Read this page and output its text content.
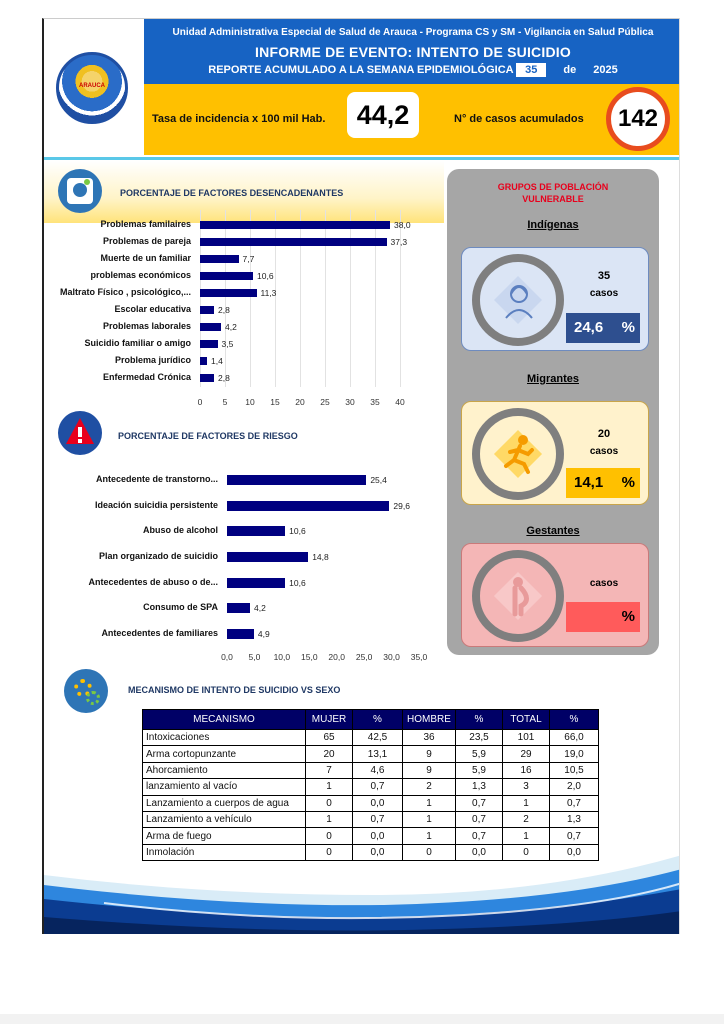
ARAUCA
Unidad Administrativa Especial de Salud de Arauca - Programa CS y SM - Vigilancia en Salud Pública
INFORME DE EVENTO: INTENTO DE SUICIDIO
REPORTE ACUMULADO A LA SEMANA EPIDEMIOLÓGICA 35 de 2025
Tasa de incidencia x 100 mil Hab.	44,2	N° de casos acumulados	142
PORCENTAJE DE FACTORES DESENCADENANTES
Problemas familaires	38,0
Problemas de pareja	37,3
Muerte de un familiar	7,7
problemas económicos	10,6
Maltrato Físico , psicológico,...	11,3
Escolar educativa	2,8
Problemas laborales	4,2
Suicidio familiar o amigo	3,5
Problema jurídico 1,4
Enfermedad Crónica	2,8
0	5	10	15	20	25	30	35	40
PORCENTAJE DE FACTORES DE RIESGO
Antecedente de transtorno...	25,4
Ideación suicidia persistente	29,6
Abuso de alcohol	10,6
Plan organizado de suicidio	14,8
Antecedentes de abuso o de...	10,6
Consumo de SPA	4,2
Antecedentes de familiares	4,9
0,0	5,0	10,0	15,0	20,0	25,0	30,0	35,0
GRUPOS DE POBLACIÓN VULNERABLE
Indígenas
35
casos
24,6 %
Migrantes
20
casos
14,1 %
Gestantes
casos
%
MECANISMO DE INTENTO DE SUICIDIO VS SEXO
MECANISMO	MUJER	%	HOMBRE	%	TOTAL	%
Intoxicaciones	65	42,5	36	23,5	101	66,0
Arma cortopunzante	20	13,1	9	5,9	29	19,0
Ahorcamiento	7	4,6	9	5,9	16	10,5
lanzamiento al vacío	1	0,7	2	1,3	3	2,0
Lanzamiento a cuerpos de agua	0	0,0	1	0,7	1	0,7
Lanzamiento a vehículo	1	0,7	1	0,7	2	1,3
Arma de fuego	0	0,0	1	0,7	1	0,7
Inmolación	0	0,0	0	0,0	0	0,0
